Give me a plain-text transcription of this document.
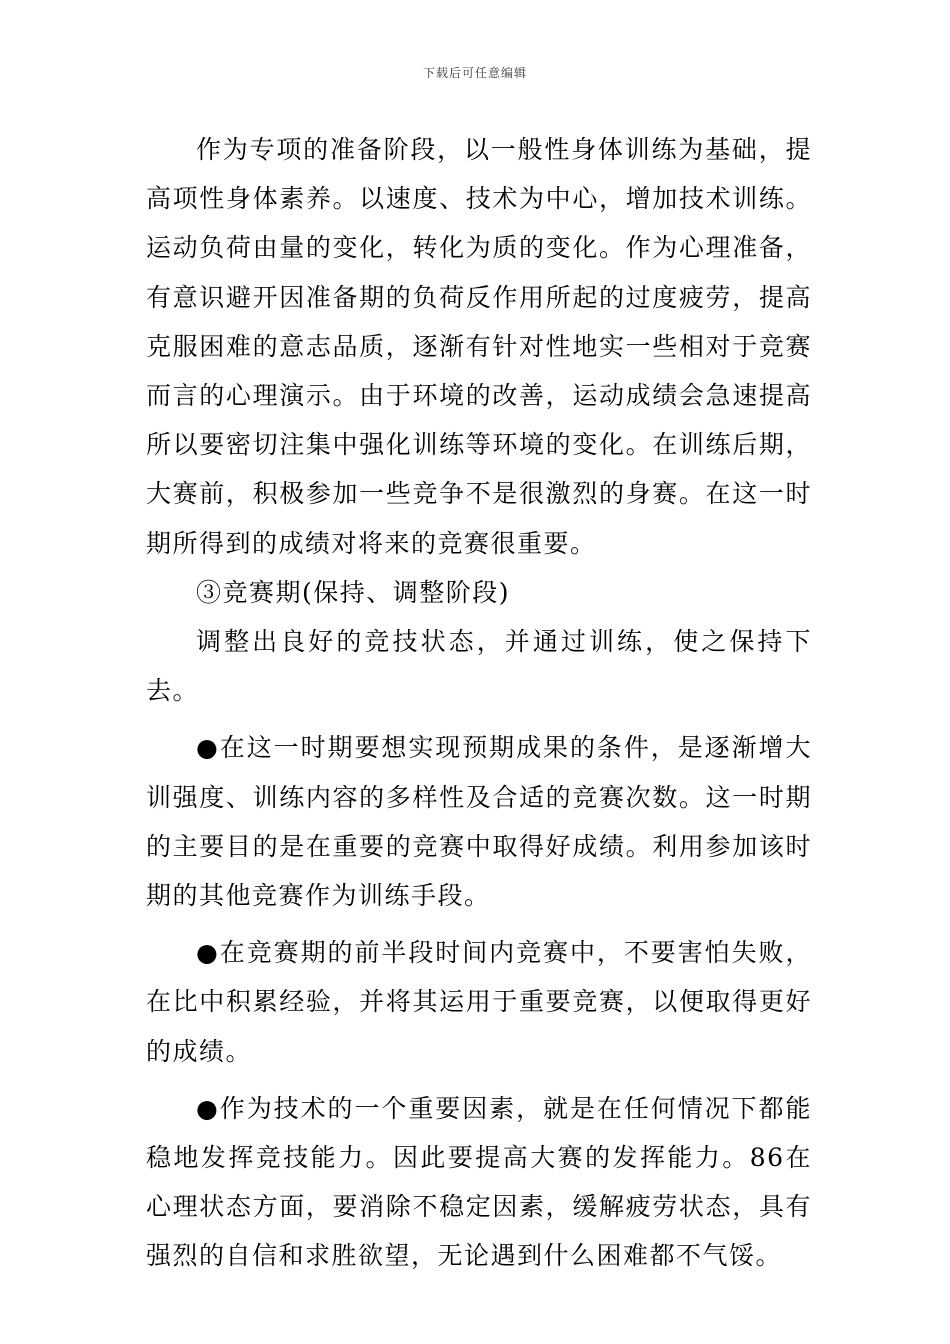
下载后可任意编辑

作为专项的准备阶段，以一般性身体训练为基础，提高项性身体素养。以速度、技术为中心，增加技术训练。运动负荷由量的变化，转化为质的变化。作为心理准备，有意识避开因准备期的负荷反作用所起的过度疲劳，提高克服困难的意志品质，逐渐有针对性地实一些相对于竞赛而言的心理演示。由于环境的改善，运动成绩会急速提高所以要密切注集中强化训练等环境的变化。在训练后期，大赛前，积极参加一些竞争不是很激烈的身赛。在这一时期所得到的成绩对将来的竞赛很重要。

③竞赛期(保持、调整阶段)

调整出良好的竞技状态，并通过训练，使之保持下去。

●在这一时期要想实现预期成果的条件，是逐渐增大训强度、训练内容的多样性及合适的竞赛次数。这一时期的主要目的是在重要的竞赛中取得好成绩。利用参加该时期的其他竞赛作为训练手段。

●在竞赛期的前半段时间内竞赛中，不要害怕失败，在比中积累经验，并将其运用于重要竞赛，以便取得更好的成绩。

●作为技术的一个重要因素，就是在任何情况下都能稳地发挥竞技能力。因此要提高大赛的发挥能力。86在心理状态方面，要消除不稳定因素，缓解疲劳状态，具有强烈的自信和求胜欲望，无论遇到什么困难都不气馁。
